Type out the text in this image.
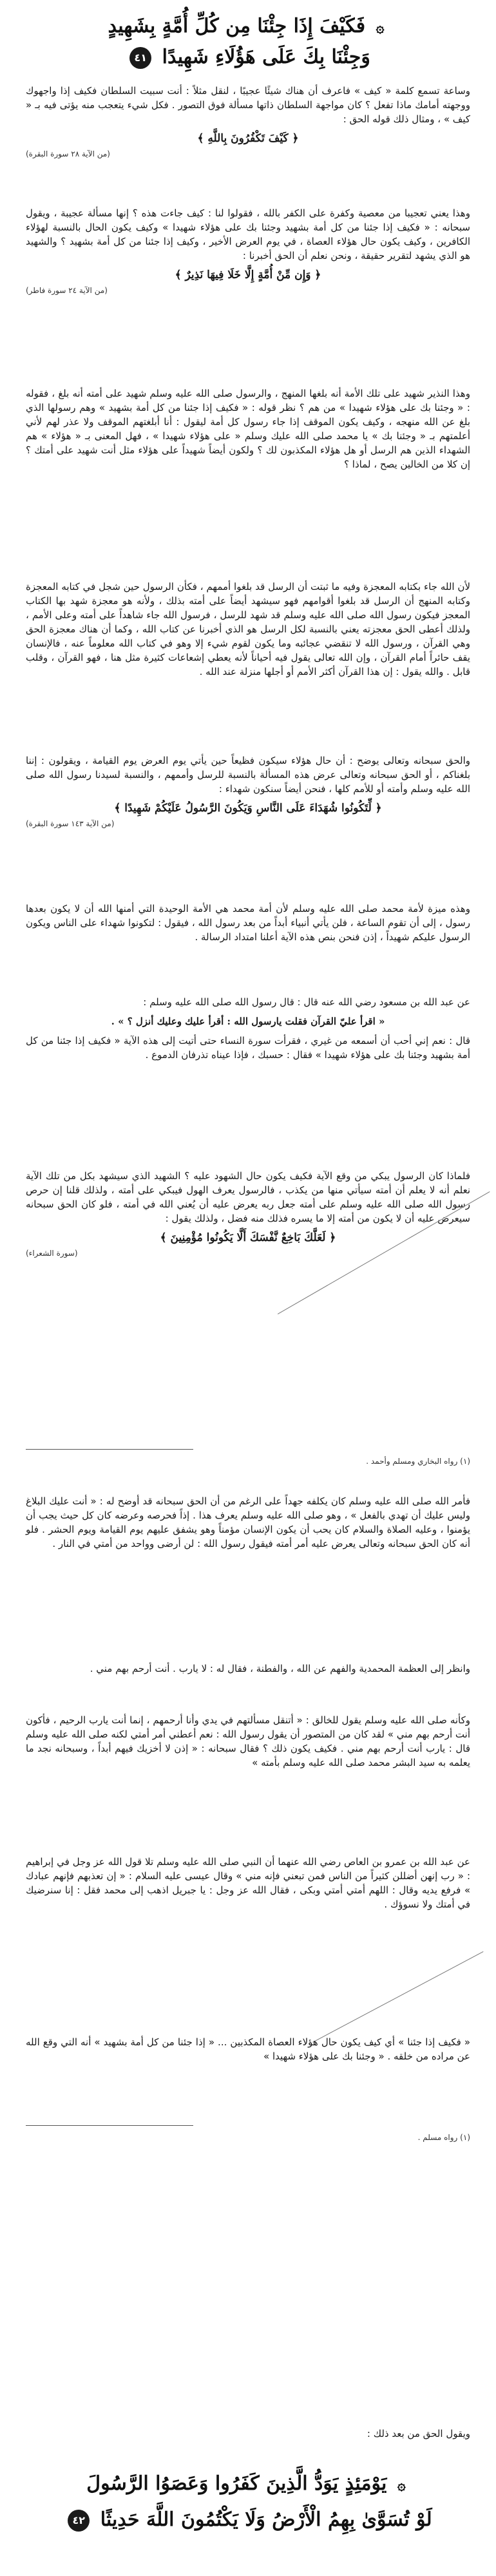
۞ فَكَيْفَ إِذَا جِئْنَا مِن كُلِّ أُمَّةٍ بِشَهِيدٍ
وَجِئْنَا بِكَ عَلَى هَؤُلَاءِ شَهِيدًا ٤١

وساعة تسمع كلمة « كيف » فاعرف أن هناك شيئًا عجيبًا ، لنقل مثلاً : أنت سبيت السلطان فكيف إذا واجهوك ووجهته أمامك ماذا تفعل ؟ كان مواجهة السلطان ذاتها مسألة فوق التصور . فكل شيء يتعجب منه يؤتى فيه بـ « كيف » ، ومثال ذلك قوله الحق :

﴿ كَيْفَ تَكْفُرُونَ بِاللَّهِ ﴾
(من الآية ٢٨ سورة البقرة)

وهذا يعني تعجيبا من معصية وكفرة على الكفر بالله ، فقولوا لنا : كيف جاءت هذه ؟ إنها مسألة عجيبة ، ويقول سبحانه : « فكيف إذا جئنا من كل أمة بشهيد وجئنا بك على هؤلاء شهيدا » وكيف يكون الحال بالنسبة لهؤلاء الكافرين ، وكيف يكون حال هؤلاء العصاة ، في يوم العرض الأخير ، وكيف إذا جئنا من كل أمة بشهيد ؟ والشهيد هو الذي يشهد لتقرير حقيقة ، ونحن نعلم أن الحق أخبرنا :

﴿ وَإِن مِّنْ أُمَّةٍ إِلَّا خَلَا فِيهَا نَذِيرٌ ﴾
(من الآية ٢٤ سورة فاطر)

وهذا النذير شهيد على تلك الأمة أنه بلغها المنهج ، والرسول صلى الله عليه وسلم شهيد على أمته أنه بلغ ، فقوله : « وجئنا بك على هؤلاء شهيدا » من هم ؟ نظر قوله : « فكيف إذا جئنا من كل أمة بشهيد » وهم رسولها الذي بلغ عن الله منهجه ، وكيف يكون الموقف إذا جاء رسول كل أمة ليقول : أنا أبلغتهم الموقف ولا عذر لهم لأني أعلمتهم بـ « وجئنا بك » يا محمد صلى الله عليك وسلم « على هؤلاء شهيدا » ، فهل المعنى بـ « هؤلاء » هم الشهداء الذين هم الرسل أو هل هؤلاء المكذبون لك ؟ ولكون أيضاً شهيداً على هؤلاء مثل أنت شهيد على أمتك ؟ إن كلا من الخالين يصح ، لماذا ؟

لأن الله جاء بكتابه المعجزة وفيه ما ثبتت أن الرسل قد بلغوا أممهم ، فكأن الرسول حين شجل في كتابه المعجزة وكتابه المنهج أن الرسل قد بلغوا أقوامهم فهو سيشهد أيضاً على أمته بذلك ، ولأنه هو معجزة شهد بها الكتاب المعجز فيكون رسول الله صلى الله عليه وسلم قد شهد للرسل ، فرسول الله جاء شاهداً على أمته وعلى الأمم ، ولذلك أعطى الحق معجزته يعني بالنسبة لكل الرسل هو الذي أخبرنا عن كتاب الله ، وكما أن هناك معجزة الحق وهي القرآن ، ورسول الله لا تنقضي عجائبه وما يكون لقوم شيء إلا وهو في كتاب الله معلوماً عنه ، فالإنسان يقف حائراً أمام القرآن ، وإن الله تعالى يقول فيه أحياناً لأنه يعطي إشعاعات كثيرة مثل هنا ، فهو القرآن ، وقلب قابل . والله يقول : إن هذا القرآن أكثر الأمم أو أجلها منزلة عند الله .

والحق سبحانه وتعالى يوضح : أن حال هؤلاء سيكون فظيعاً حين يأتي يوم العرض يوم القيامة ، ويقولون : إننا بلغناكم ، أو الحق سبحانه وتعالى عرض هذه المسألة بالنسبة للرسل وأممهم ، والنسبة لسيدنا رسول الله صلى الله عليه وسلم وأمته أو للأمم كلها ، فنحن أيضاً سنكون شهداء :

﴿ لِّتَكُونُوا شُهَدَاءَ عَلَى النَّاسِ وَيَكُونَ الرَّسُولُ عَلَيْكُمْ شَهِيدًا ﴾
(من الآية ١٤٣ سورة البقرة)

وهذه ميزة لأمة محمد صلى الله عليه وسلم لأن أمة محمد هي الأمة الوحيدة التي أمنها الله أن لا يكون بعدها رسول ، إلى أن تقوم الساعة ، فلن يأتي أنبياء أبداً من بعد رسول الله ، فيقول : لتكونوا شهداء على الناس ويكون الرسول عليكم شهيداً ، إذن فنحن بنص هذه الآية أعلنا امتداد الرسالة .

عن عبد الله بن مسعود رضي الله عنه قال : قال رسول الله صلى الله عليه وسلم :

« اقرأ عليّ القرآن فقلت يارسول الله : أقرأ عليك وعليك أنزل ؟ » .

قال : نعم إني أحب أن أسمعه من غيري ، فقرأت سورة النساء حتى أتيت إلى هذه الآية « فكيف إذا جئنا من كل أمة بشهيد وجئنا بك على هؤلاء شهيدا » فقال : حسبك ، فإذا عيناه تذرفان الدموع .

فلماذا كان الرسول يبكي من وقع الآية فكيف يكون حال الشهود عليه ؟ الشهيد الذي سيشهد بكل من تلك الآية نعلم أنه لا يعلم أن أمته سيأتي منها من يكذب ، فالرسول يعرف الهول فيبكي على أمته ، ولذلك قلنا إن حرص رسول الله صلى الله عليه وسلم على أمته جعل ربه يعرض عليه أن يُعني الله في أمته ، فلو كان الحق سبحانه سيعرض عليه أن لا يكون من أمته إلا ما يسره فذلك منه فضل ، ولذلك يقول :

﴿ لَعَلَّكَ بَاخِعٌ نَّفْسَكَ أَلَّا يَكُونُوا مُؤْمِنِينَ ﴾
(سورة الشعراء)
(١) رواه البخاري ومسلم وأحمد .

فأمر الله صلى الله عليه وسلم كان يكلفه جهداً على الرغم من أن الحق سبحانه قد أوضح له : « أنت عليك البلاغ وليس عليك أن تهدي بالفعل » ، وهو صلى الله عليه وسلم يعرف هذا . إذاً فحرصه وعرضه كان كل حيث يجب أن يؤمنوا ، وعليه الصلاة والسلام كان يحب أن يكون الإنسان مؤمناً وهو يشفق عليهم يوم القيامة ويوم الحشر . فلو أنه كان الحق سبحانه وتعالى يعرض عليه أمر أمته فيقول رسول الله : لن أرضى وواحد من أمتي في النار .

وانظر إلى العظمة المحمدية والفهم عن الله ، والفطنة ، فقال له : لا يارب . أنت أرحم بهم مني .

وكأنه صلى الله عليه وسلم يقول للخالق : « أتنقل مسألتهم في يدي وأنا أرحمهم ، إنما أنت يارب الرحيم ، فأكون أنت أرحم بهم مني » لقد كان من المتصور أن يقول رسول الله : نعم أعطني أمر أمتي لكنه صلى الله عليه وسلم قال : يارب أنت أرحم بهم مني . فكيف يكون ذلك ؟ فقال سبحانه : « إذن لا أخزيك فيهم أبداً ، وسبحانه نجد ما يعلمه به سيد البشر محمد صلى الله عليه وسلم بأمته »

عن عبد الله بن عمرو بن العاص رضي الله عنهما أن النبي صلى الله عليه وسلم تلا قول الله عز وجل في إبراهيم : « رب إنهن أضللن كثيراً من الناس فمن تبعني فإنه مني » وقال عيسى عليه السلام : « إن تعذبهم فإنهم عبادك » فرفع يديه وقال : اللهم أمتي أمتي وبكى ، فقال الله عز وجل : يا جبريل اذهب إلى محمد فقل : إنا سنرضيك في أمتك ولا نسوؤك .

« فكيف إذا جئنا » أي كيف يكون حال هؤلاء العصاة المكذبين ... « إذا جئنا من كل أمة بشهيد » أنه التي وقع الله عن مراده من خلقه . « وجئنا بك على هؤلاء شهيدا »

(١) رواه مسلم .
ويقول الحق من بعد ذلك :
۞ يَوْمَئِذٍ يَوَدُّ الَّذِينَ كَفَرُوا وَعَصَوُا الرَّسُولَ
لَوْ تُسَوَّىٰ بِهِمُ الْأَرْضُ وَلَا يَكْتُمُونَ اللَّهَ حَدِيثًا ٤٢
